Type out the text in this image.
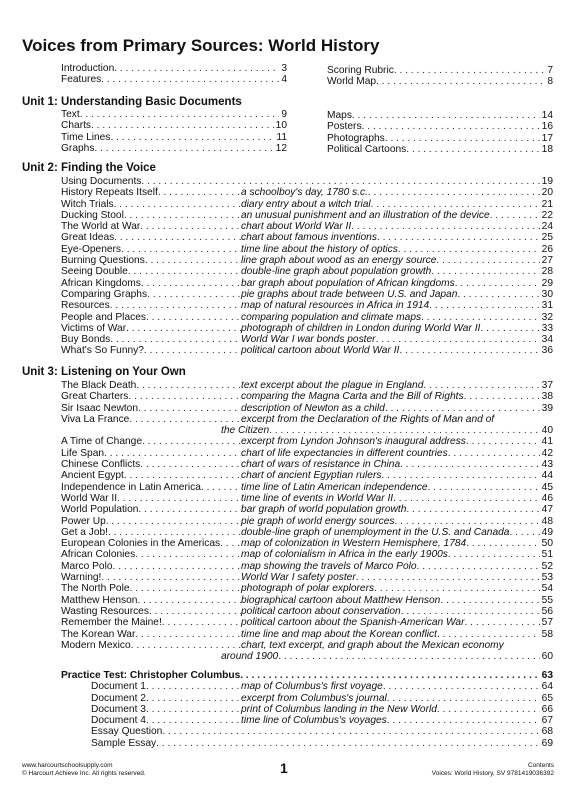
Voices from Primary Sources: World History
Introduction . . .	3
Features . . .	4
Scoring Rubric . . .	7
World Map . . .	8
Unit 1: Understanding Basic Documents
Text . . .	9
Charts . . .	10
Time Lines . . .	11
Graphs . . .	12
Maps . . .	14
Posters . . .	16
Photographs . . .	17
Political Cartoons . . .	18
Unit 2: Finding the Voice
Using Documents . . .	19
History Repeats Itself . . .	a schoolboy's day, 1780 s.c. . . .	20
Witch Trials . . .	diary entry about a witch trial . . .	21
Ducking Stool . . .	an unusual punishment and an illustration of the device . . .	22
The World at War . . .	chart about World War II . . .	24
Great Ideas . . .	chart about famous inventions . . .	25
Eye-Openers . . .	time line about the history of optics . . .	26
Burning Questions . . .	line graph about wood as an energy source . . .	27
Seeing Double . . .	double-line graph about population growth . . .	28
African Kingdoms . . .	bar graph about population of African kingdoms . . .	29
Comparing Graphs . . .	pie graphs about trade between U.S. and Japan . . .	30
Resources . . .	map of natural resources in Africa in 1914 . . .	31
People and Places . . .	comparing population and climate maps . . .	32
Victims of War . . .	photograph of children in London during World War II . . .	33
Buy Bonds . . .	World War I war bonds poster . . .	34
What's So Funny? . . .	political cartoon about World War II . . .	36
Unit 3: Listening on Your Own
The Black Death . . .	text excerpt about the plague in England . . .	37
Great Charters . . .	comparing the Magna Carta and the Bill of Rights . . .	38
Sir Isaac Newton . . .	description of Newton as a child . . .	39
Viva La France . . .	excerpt from the Declaration of the Rights of Man and of
the Citizen . . .	40
A Time of Change . . .	excerpt from Lyndon Johnson's inaugural address . . .	41
Life Span . . .	chart of life expectancies in different countries . . .	42
Chinese Conflicts . . .	chart of wars of resistance in China . . .	43
Ancient Egypt . . .	chart of ancient Egyptian rulers . . .	44
Independence in Latin America . . .	time line of Latin American independence . . .	45
World War II . . .	time line of events in World War II . . .	46
World Population . . .	bar graph of world population growth . . .	47
Power Up . . .	pie graph of world energy sources . . .	48
Get a Job! . . .	double-line graph of unemployment in the U.S. and Canada . . .	49
European Colonies in the Americas . . . map of colonization in Western Hemisphere, 1784 . . .	50
African Colonies . . .	map of colonialism in Africa in the early 1900s . . .	51
Marco Polo . . .	map showing the travels of Marco Polo . . .	52
Warning! . . .	World War I safety poster . . .	53
The North Pole . . .	photograph of polar explorers . . .	54
Matthew Henson . . .	biographical cartoon about Matthew Henson . . .	55
Wasting Resources . . .	political cartoon about conservation . . .	56
Remember the Maine! . . .	political cartoon about the Spanish-American War . . .	57
The Korean War . . .	time line and map about the Korean conflict . . .	58
Modern Mexico . . .	chart, text excerpt, and graph about the Mexican economy
around 1900 . . .	60
Practice Test: Christopher Columbus . . .	63
Document 1 . . .	map of Columbus's first voyage . . .	64
Document 2 . . .	excerpt from Columbus's journal . . .	65
Document 3 . . .	print of Columbus landing in the New World . . .	66
Document 4 . . .	time line of Columbus's voyages . . .	67
Essay Question . . .	68
Sample Essay . . .	69
www.harcourtschoolsupply.com
© Harcourt Achieve Inc. All rights reserved.	1	Contents
Voices: World History, SV 9781419036392
